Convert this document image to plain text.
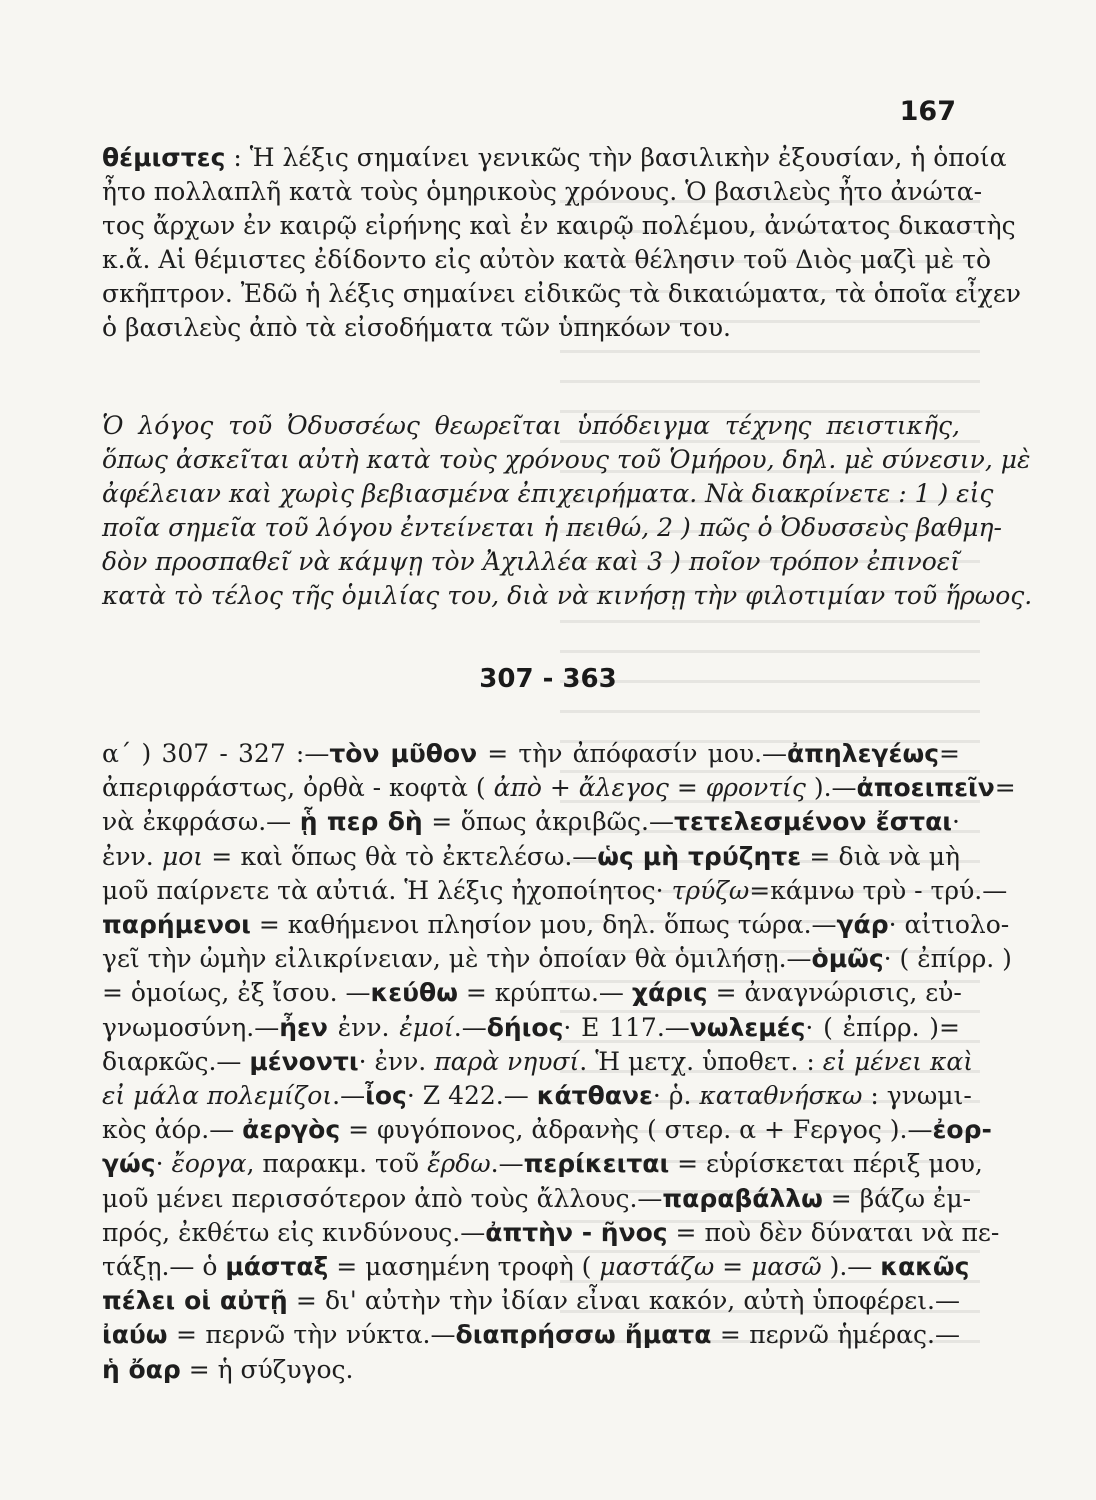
167
θέμιστες : Ἡ λέξις σημαίνει γενικῶς τὴν βασιλικὴν ἐξουσίαν, ἡ ὁποία
ἦτο πολλαπλῆ κατὰ τοὺς ὁμηρικοὺς χρόνους. Ὁ βασιλεὺς ἦτο ἀνώτα-
τος ἄρχων ἐν καιρῷ εἰρήνης καὶ ἐν καιρῷ πολέμου, ἀνώτατος δικαστὴς
κ.ἄ. Αἱ θέμιστες ἐδίδοντο εἰς αὐτὸν κατὰ θέλησιν τοῦ Διὸς μαζὶ μὲ τὸ
σκῆπτρον. Ἐδῶ ἡ λέξις σημαίνει εἰδικῶς τὰ δικαιώματα, τὰ ὁποῖα εἶχεν
ὁ βασιλεὺς ἀπὸ τὰ εἰσοδήματα τῶν ὑπηκόων του.
Ὁ λόγος τοῦ Ὀδυσσέως θεωρεῖται ὑπόδειγμα τέχνης πειστικῆς,
ὅπως ἀσκεῖται αὐτὴ κατὰ τοὺς χρόνους τοῦ Ὁμήρου, δηλ. μὲ σύνεσιν, μὲ
ἀφέλειαν καὶ χωρὶς βεβιασμένα ἐπιχειρήματα. Νὰ διακρίνετε : 1 ) εἰς
ποῖα σημεῖα τοῦ λόγου ἐντείνεται ἡ πειθώ, 2 ) πῶς ὁ Ὀδυσσεὺς βαθμη-
δὸν προσπαθεῖ νὰ κάμψῃ τὸν Ἀχιλλέα καὶ 3 ) ποῖον τρόπον ἐπινοεῖ
κατὰ τὸ τέλος τῆς ὁμιλίας του, διὰ νὰ κινήσῃ τὴν φιλοτιμίαν τοῦ ἥρωος.
307 - 363
α΄ ) 307 - 327 :—τὸν μῦθον = τὴν ἀπόφασίν μου.—ἀπηλεγέως=
ἀπεριφράστως, ὀρθὰ - κοφτὰ ( ἀπὸ + ἄλεγος = φροντίς ).—ἀποειπεῖν=
νὰ ἐκφράσω.— ᾗ περ δὴ = ὅπως ἀκριβῶς.—τετελεσμένον ἔσται·
ἐνν. μοι = καὶ ὅπως θὰ τὸ ἐκτελέσω.—ὡς μὴ τρύζητε = διὰ νὰ μὴ
μοῦ παίρνετε τὰ αὐτιά. Ἡ λέξις ἠχοποίητος· τρύζω=κάμνω τρὺ - τρύ.—
παρήμενοι = καθήμενοι πλησίον μου, δηλ. ὅπως τώρα.—γάρ· αἰτιολο-
γεῖ τὴν ὠμὴν εἰλικρίνειαν, μὲ τὴν ὁποίαν θὰ ὁμιλήσῃ.—ὁμῶς· ( ἐπίρρ. )
= ὁμοίως, ἐξ ἴσου. —κεύθω = κρύπτω.— χάρις = ἀναγνώρισις, εὐ-
γνωμοσύνη.—ἦεν ἐνν. ἐμοί.—δήιος· Ε 117.—νωλεμές· ( ἐπίρρ. )=
διαρκῶς.— μένοντι· ἐνν. παρὰ νηυσί. Ἡ μετχ. ὑποθετ. : εἰ μένει καὶ
εἰ μάλα πολεμίζοι.—ἶος· Ζ 422.— κάτθανε· ῥ. καταθνήσκω : γνωμι-
κὸς ἀόρ.— ἀεργὸς = φυγόπονος, ἀδρανὴς ( στερ. α + Fεργος ).—ἐορ-
γώς· ἔοργα, παρακμ. τοῦ ἔρδω.—περίκειται = εὑρίσκεται πέριξ μου,
μοῦ μένει περισσότερον ἀπὸ τοὺς ἄλλους.—παραβάλλω = βάζω ἐμ-
πρός, ἐκθέτω εἰς κινδύνους.—ἀπτὴν - ῆνος = ποὺ δὲν δύναται νὰ πε-
τάξῃ.— ὁ μάσταξ = μασημένη τροφὴ ( μαστάζω = μασῶ ).— κακῶς
πέλει οἱ αὐτῇ = δι' αὐτὴν τὴν ἰδίαν εἶναι κακόν, αὐτὴ ὑποφέρει.—
ἰαύω = περνῶ τὴν νύκτα.—διαπρήσσω ἤματα = περνῶ ἡμέρας.—
ἡ ὄαρ = ἡ σύζυγος.
